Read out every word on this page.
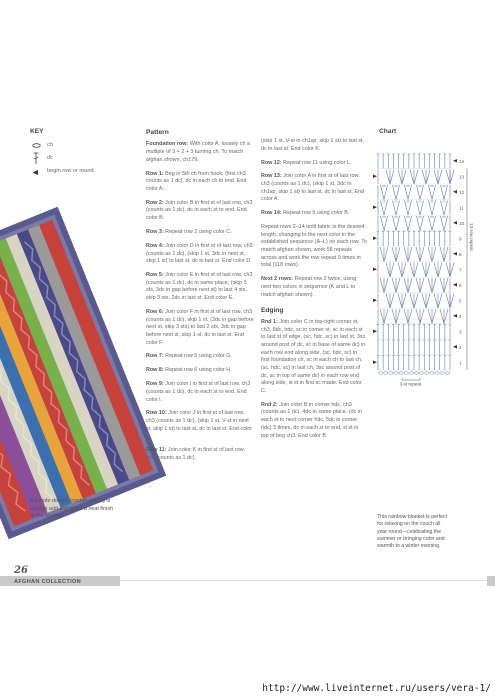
KEY
ch
dc
begin row or round
A simple double crochet edging is easy to add and gives a neat finish to the blanket.
Pattern

Foundation row: With color A, loosely ch a multiple of 3 + 2 + 3 turning ch. To match afghan shown, ch179.

Row 1: Beg in 5th ch from hook, (first ch3 counts as 1 dc), dc in each ch to end. End color A.

Row 2: Join color B in first st of last row, ch3 (counts as 1 dc), dc in each st to end. End color B.

Row 3: Repeat row 2 using color C.

Row 4: Join color D in first st of last row, ch3 (counts as 1 dc), (skip 1 st, 3dc in next st, skip 1 st) to last st, dc in last st. End color D.

Row 5: Join color E in first st of last row, ch3 (counts as 1 dc), dc in same place, (skip 3 sts, 3dc in gap before next st) to last 4 sts, skip 3 sts, 2dc in last st. End color E.

Row 6: Join color F in first st of last row, ch3 (counts as 1 dc), skip 1 st, (3dc in gap before next st, skip 3 sts) to last 2 sts, 3dc in gap before next st, skip 1 st, dc in last st. End color F.

Row 7: Repeat row 5 using color G.

Row 8: Repeat row 6 using color H.

Row 9: Join color I in first st of last row, ch3 (counts as 1 dc), dc in each st to end. End color I.

Row 10: Join color J in first st of last row, ch3 (counts as 1 dc), (skip 1 st, V-st in next st, skip 1 st) to last st, dc in last st. End color J.

Row 11: Join color K in first st of last row, ch3 (counts as 1 dc),

(skip 1 st, V-st in ch1sp, skip 1 st) to last st, dc in last st. End color K.

Row 12: Repeat row 11 using color L.

Row 13: Join color A in first st of last row, ch3 (counts as 1 dc), (skip 1 st, 3dc in ch1sp, skip 1 st) to last st, dc in last st. End color A.

Row 14: Repeat row 9 using color B.

Repeat rows 2–14 until fabric is the desired length, changing to the next color in the established sequence (A–L) on each row. To match afghan shown, work 58 repeats across and work the row repeat 9 times in total (118 rows).

Next 2 rows: Repeat row 2 twice, using next two colors in sequence (K and L to match afghan shown).

Edging

Rnd 1: Join color C in top-right corner st, ch3, 5dc, hdc, sc in corner st, sc in each st to last st of edge, (sc, hdc, sc) in last st, 3sc around post of dc, sc in base of same dc) in each row end along side, (sc, hdc, sc) in first foundation ch, sc in each ch to last ch, (sc, hdc, sc) in last ch, 3sc around post of dc, sc in top of same dc) in each row end along side, sl st in first sc made. End color C.

Rnd 2: Join color B in corner hdc, ch3 (counts as 1 dc), 4dc in same place, (dc in each st to next corner hdc, 5dc in corner hdc) 3 times, dc in each st to end, sl st in top of beg ch3. End color B.

Chart
14
13
12
11
10
9
8
7
6
5
4
3
2
1
3-st repeat
13-row repeat
This rainbow blanket is perfect for relaxing on the couch all year round—celebrating the summer or bringing color and warmth to a winter evening.
26
AFGHAN COLLECTION
http://www.liveinternet.ru/users/vera-1/
